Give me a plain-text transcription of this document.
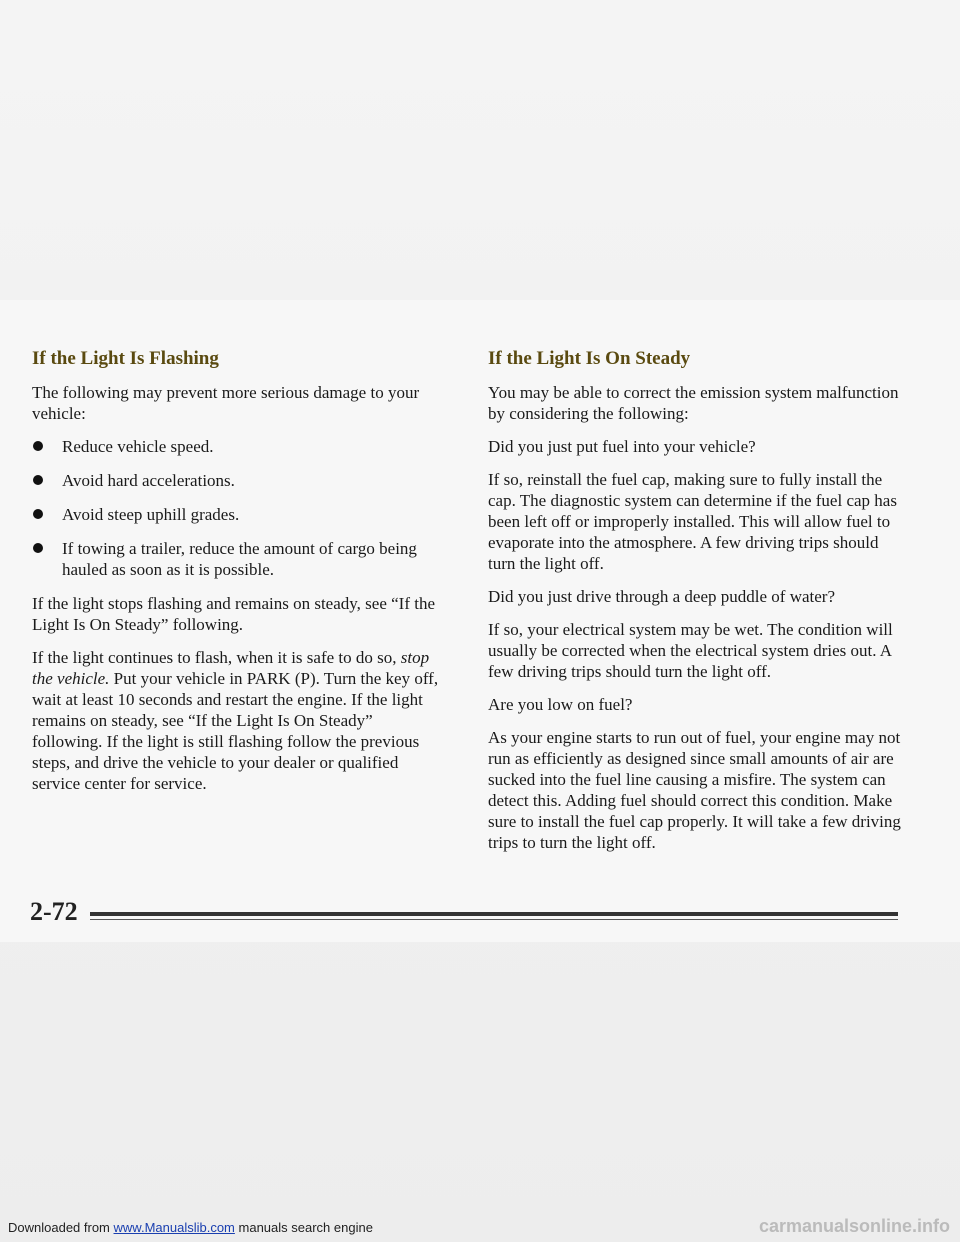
If the Light Is Flashing

The following may prevent more serious damage to your vehicle:

Reduce vehicle speed.
Avoid hard accelerations.
Avoid steep uphill grades.
If towing a trailer, reduce the amount of cargo being hauled as soon as it is possible.

If the light stops flashing and remains on steady, see “If the Light Is On Steady” following.

If the light continues to flash, when it is safe to do so, stop the vehicle. Put your vehicle in PARK (P). Turn the key off, wait at least 10 seconds and restart the engine. If the light remains on steady, see “If the Light Is On Steady” following. If the light is still flashing follow the previous steps, and drive the vehicle to your dealer or qualified service center for service.

If the Light Is On Steady

You may be able to correct the emission system malfunction by considering the following:

Did you just put fuel into your vehicle?

If so, reinstall the fuel cap, making sure to fully install the cap. The diagnostic system can determine if the fuel cap has been left off or improperly installed. This will allow fuel to evaporate into the atmosphere. A few driving trips should turn the light off.

Did you just drive through a deep puddle of water?

If so, your electrical system may be wet. The condition will usually be corrected when the electrical system dries out. A few driving trips should turn the light off.

Are you low on fuel?

As your engine starts to run out of fuel, your engine may not run as efficiently as designed since small amounts of air are sucked into the fuel line causing a misfire. The system can detect this. Adding fuel should correct this condition. Make sure to install the fuel cap properly. It will take a few driving trips to turn the light off.

2-72
Downloaded from www.Manualslib.com manuals search engine	carmanualsonline.info
